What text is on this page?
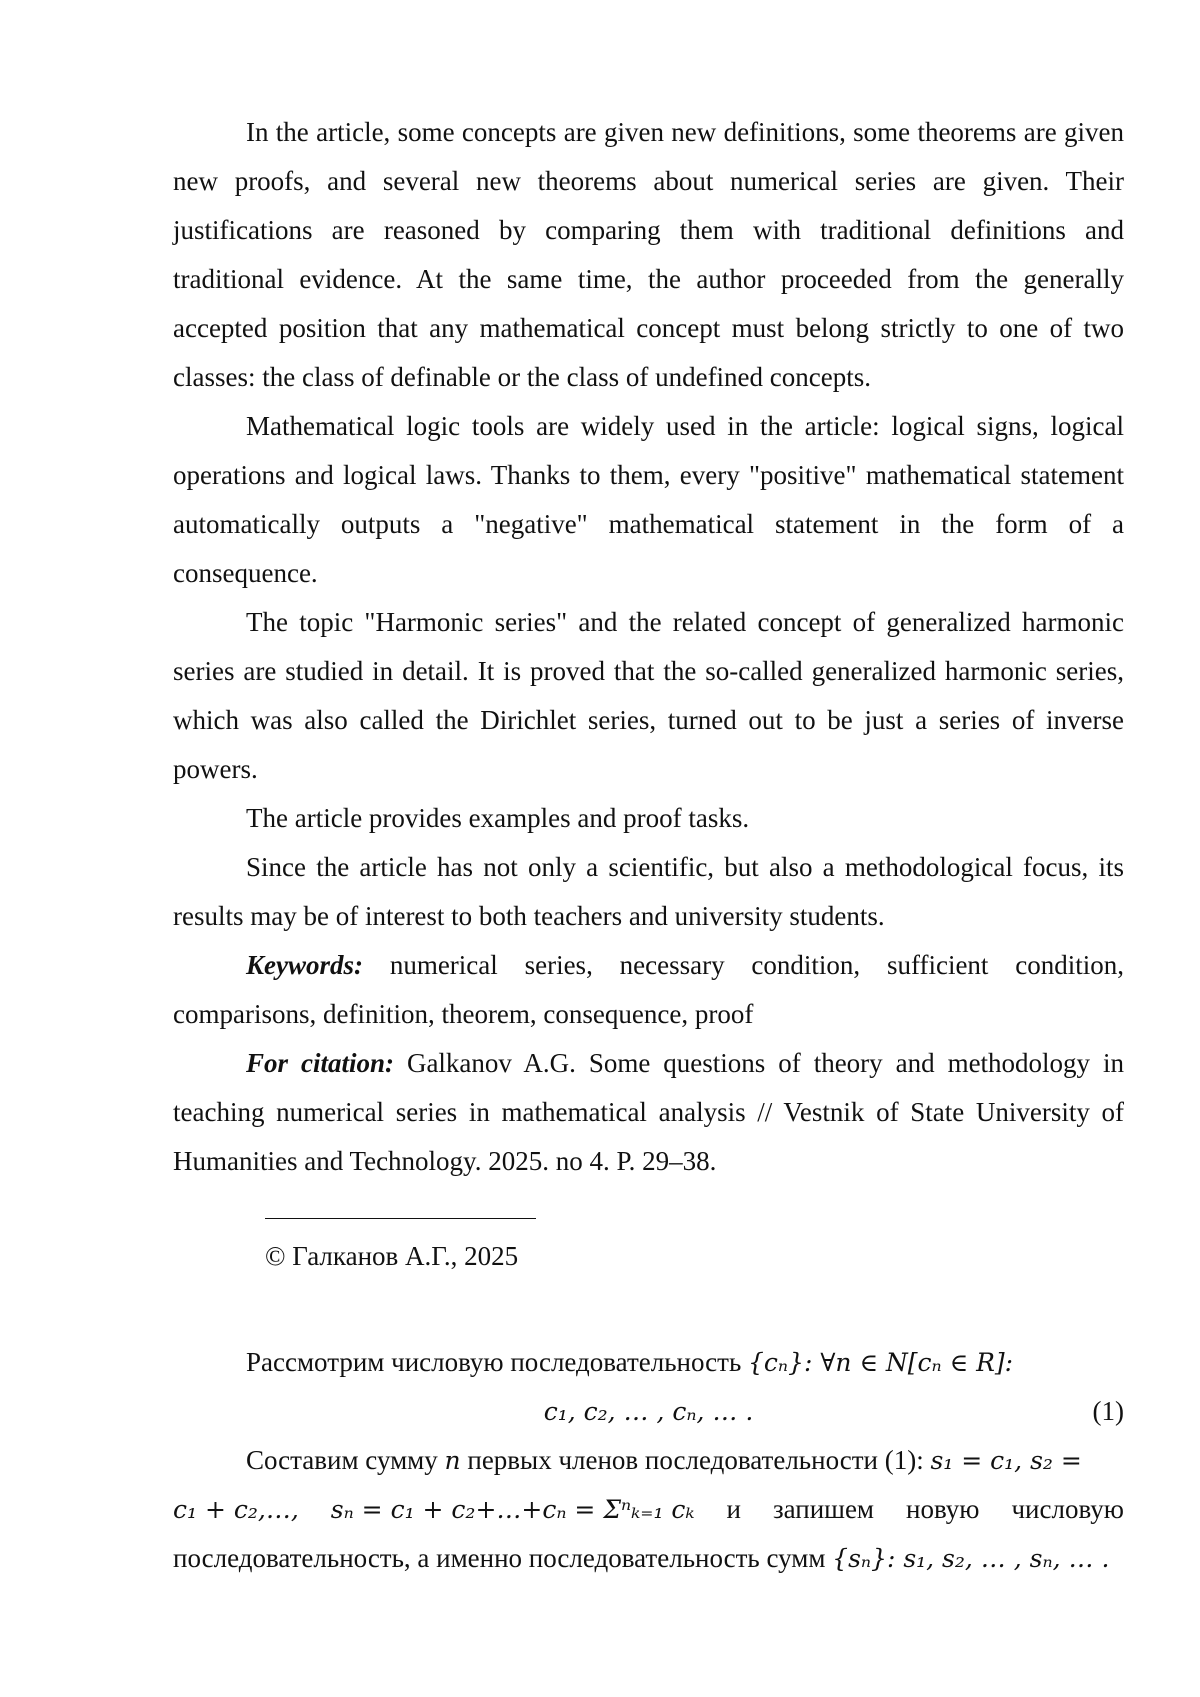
In the article, some concepts are given new definitions, some theorems are given new proofs, and several new theorems about numerical series are given. Their justifications are reasoned by comparing them with traditional definitions and traditional evidence. At the same time, the author proceeded from the generally accepted position that any mathematical concept must belong strictly to one of two classes: the class of definable or the class of undefined concepts.

Mathematical logic tools are widely used in the article: logical signs, logical operations and logical laws. Thanks to them, every "positive" mathematical statement automatically outputs a "negative" mathematical statement in the form of a consequence.

The topic "Harmonic series" and the related concept of generalized harmonic series are studied in detail. It is proved that the so-called generalized harmonic series, which was also called the Dirichlet series, turned out to be just a series of inverse powers.

The article provides examples and proof tasks.

Since the article has not only a scientific, but also a methodological focus, its results may be of interest to both teachers and university students.

Keywords: numerical series, necessary condition, sufficient condition, comparisons, definition, theorem, consequence, proof

For citation: Galkanov A.G. Some questions of theory and methodology in teaching numerical series in mathematical analysis // Vestnik of State University of Humanities and Technology. 2025. no 4. P. 29–38.

© Галканов А.Г., 2025

Рассмотрим числовую последовательность {cₙ}: ∀n ∈ N[cₙ ∈ R]:

c₁, c₂, … , cₙ, … .	(1)

Составим сумму n первых членов последовательности (1): s₁ = c₁, s₂ =

c₁ + c₂,…, sₙ = c₁ + c₂+…+cₙ = Σⁿₖ₌₁ cₖ и запишем новую числовую
последовательность, а именно последовательность сумм {sₙ}: s₁, s₂, … , sₙ, … .
